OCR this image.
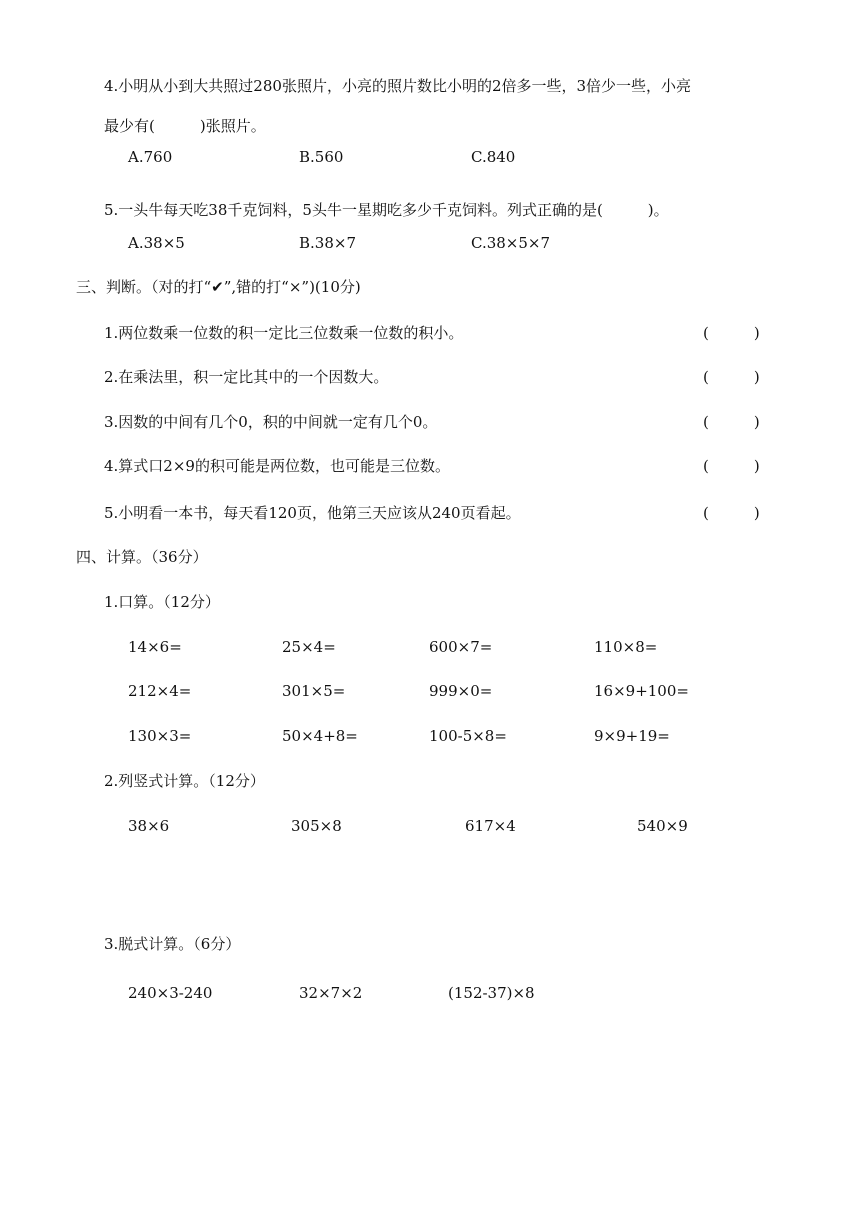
4.小明从小到大共照过280张照片，小亮的照片数比小明的2倍多一些，3倍少一些，小亮
最少有(　　　)张照片。
A.760	B.560	C.840
5.一头牛每天吃38千克饲料，5头牛一星期吃多少千克饲料。列式正确的是(　　　)。
A.38×5	B.38×7	C.38×5×7
三、判断。（对的打“✔”,错的打“×”)(10分)
1.两位数乘一位数的积一定比三位数乘一位数的积小。	(　　　)
2.在乘法里，积一定比其中的一个因数大。	(　　　)
3.因数的中间有几个0，积的中间就一定有几个0。	(　　　)
4.算式口2×9的积可能是两位数，也可能是三位数。	(　　　)
5.小明看一本书，每天看120页，他第三天应该从240页看起。	(　　　)
四、计算。（36分）
1.口算。（12分）
14×6=	25×4=	600×7=	110×8=
212×4=	301×5=	999×0=	16×9+100=
130×3=	50×4+8=	100-5×8=	9×9+19=
2.列竖式计算。（12分）
38×6	305×8	617×4	540×9
3.脱式计算。（6分）
240×3-240	32×7×2	(152-37)×8
